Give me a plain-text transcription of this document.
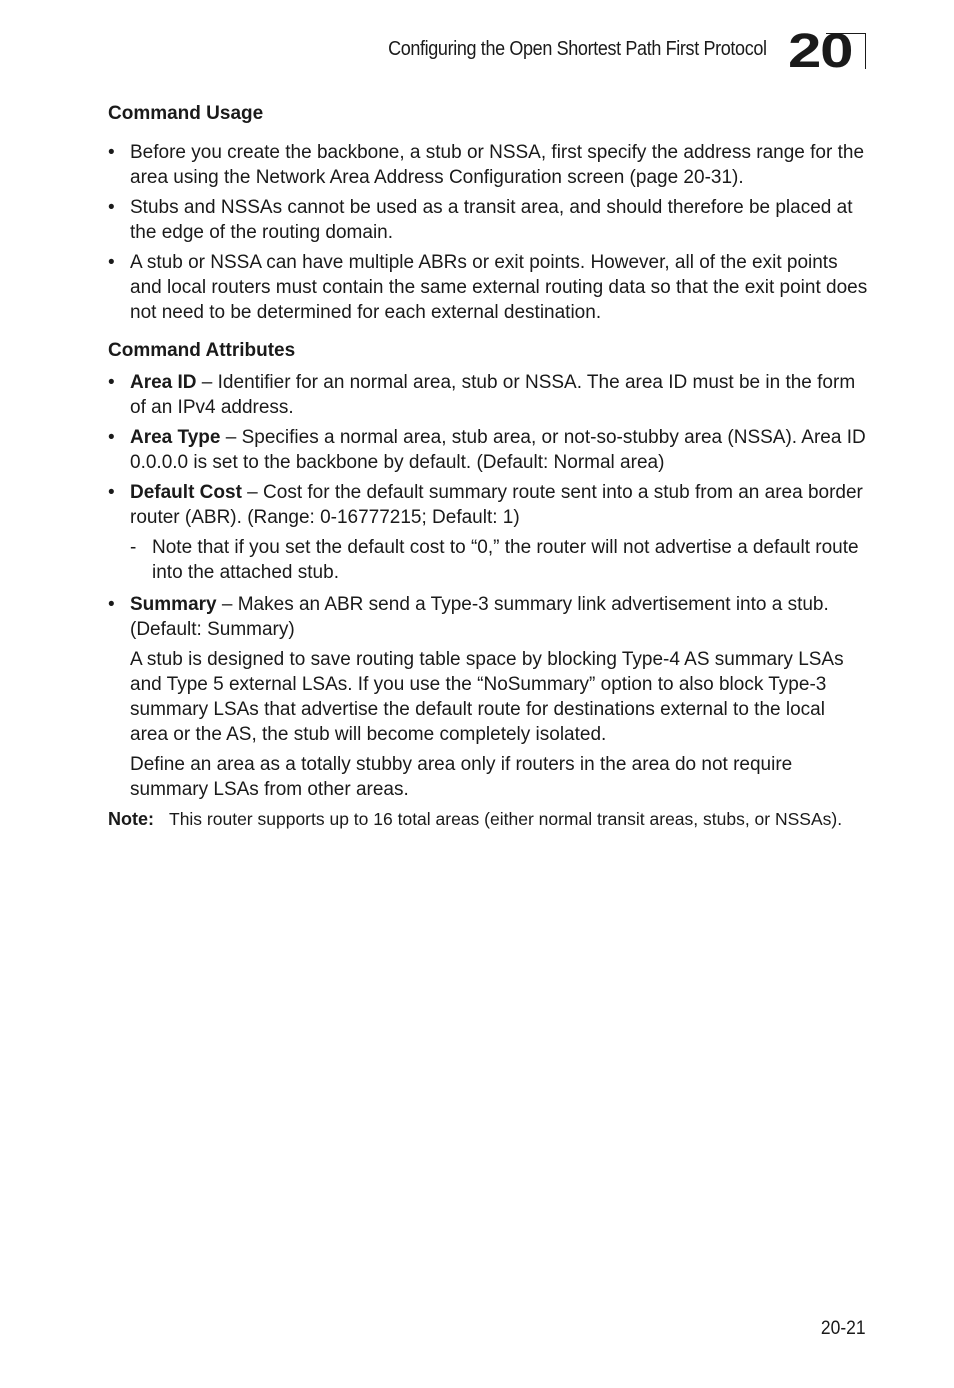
Configuring the Open Shortest Path First Protocol 20
Command Usage
• Before you create the backbone, a stub or NSSA, first specify the address range for the area using the Network Area Address Configuration screen (page 20-31).
• Stubs and NSSAs cannot be used as a transit area, and should therefore be placed at the edge of the routing domain.
• A stub or NSSA can have multiple ABRs or exit points. However, all of the exit points and local routers must contain the same external routing data so that the exit point does not need to be determined for each external destination.
Command Attributes
• Area ID – Identifier for an normal area, stub or NSSA. The area ID must be in the form of an IPv4 address.
• Area Type – Specifies a normal area, stub area, or not-so-stubby area (NSSA). Area ID 0.0.0.0 is set to the backbone by default. (Default: Normal area)
• Default Cost – Cost for the default summary route sent into a stub from an area border router (ABR). (Range: 0-16777215; Default: 1)
- Note that if you set the default cost to “0,” the router will not advertise a default route into the attached stub.
• Summary – Makes an ABR send a Type-3 summary link advertisement into a stub. (Default: Summary)
A stub is designed to save routing table space by blocking Type-4 AS summary LSAs and Type 5 external LSAs. If you use the “NoSummary” option to also block Type-3 summary LSAs that advertise the default route for destinations external to the local area or the AS, the stub will become completely isolated.
Define an area as a totally stubby area only if routers in the area do not require summary LSAs from other areas.
Note: This router supports up to 16 total areas (either normal transit areas, stubs, or NSSAs).
20-21
